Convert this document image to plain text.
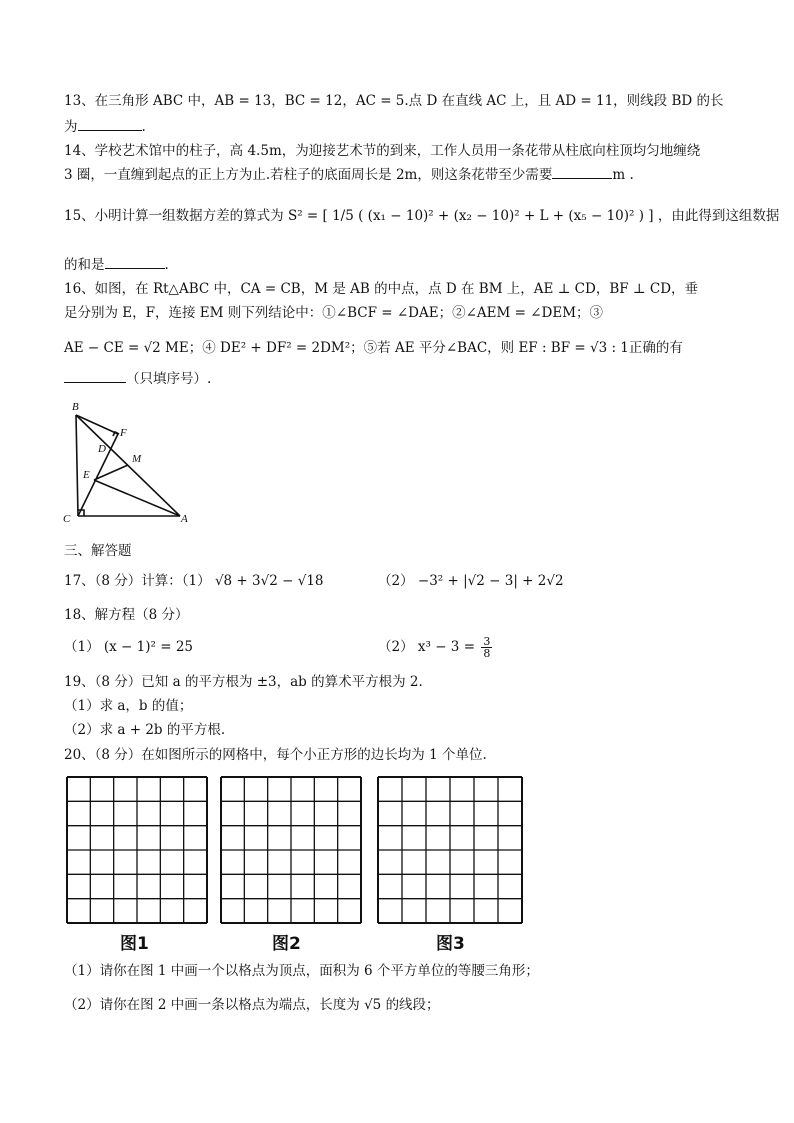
13、在三角形 ABC 中，AB = 13，BC = 12，AC = 5.点 D 在直线 AC 上，且 AD = 11，则线段 BD 的长
为	.
14、学校艺术馆中的柱子，高 4.5m，为迎接艺术节的到来，工作人员用一条花带从柱底向柱顶均匀地缠绕
3 圈，一直缠到起点的正上方为止.若柱子的底面周长是 2m，则这条花带至少需要	m .
15、小明计算一组数据方差的算式为 S² = [ 1/5 ( (x₁ − 10)² + (x₂ − 10)² + L + (x₅ − 10)² ) ] ，由此得到这组数据
的和是	.
16、如图，在 Rt△ABC 中，CA = CB，M 是 AB 的中点，点 D 在 BM 上，AE ⊥ CD，BF ⊥ CD，垂
足分别为 E，F，连接 EM 则下列结论中：①∠BCF = ∠DAE；②∠AEM = ∠DEM；③
AE − CE = √2 ME；④ DE² + DF² = 2DM²；⑤若 AE 平分∠BAC，则 EF : BF = √3 : 1正确的有
（只填序号）.
B
F
D
M
E
C	A
三、解答题
17、（8 分）计算：（1） √8 + 3√2 − √18	（2） −3² + |√2 − 3| + 2√2
18、解方程（8 分）
（1） (x − 1)² = 25	（2） $x^3 - 3 = \frac{3}{8}$
19、（8 分）已知 a 的平方根为 ±3，ab 的算术平方根为 2.
（1）求 a，b 的值；
（2）求 a + 2b 的平方根.
20、（8 分）在如图所示的网格中，每个小正方形的边长均为 1 个单位.
图1	图2	图3
（1）请你在图 1 中画一个以格点为顶点，面积为 6 个平方单位的等腰三角形；
（2）请你在图 2 中画一条以格点为端点，长度为 √5 的线段；
